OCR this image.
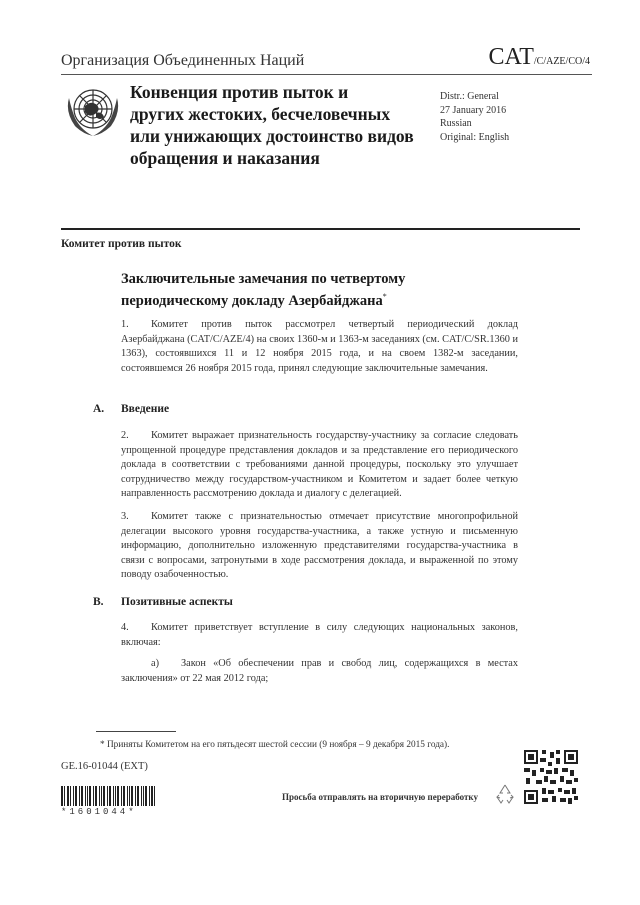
Организация Объединенных Наций	CAT/C/AZE/CO/4
Конвенция против пыток и
других жестоких, бесчеловечных
или унижающих достоинство видов
обращения и наказания
Distr.: General
27 January 2016
Russian
Original: English
Комитет против пыток
Заключительные замечания по четвертому
периодическому докладу Азербайджана*
1. Комитет против пыток рассмотрел четвертый периодический доклад Азербайджана (CAT/C/AZE/4) на своих 1360-м и 1363-м заседаниях (см. CAT/C/SR.1360 и 1363), состоявшихся 11 и 12 ноября 2015 года, и на своем 1382-м заседании, состоявшемся 26 ноября 2015 года, принял следующие заключительные замечания.
A. Введение
2. Комитет выражает признательность государству-участнику за согласие следовать упрощенной процедуре представления докладов и за представление его периодического доклада в соответствии с требованиями данной процедуры, поскольку это улучшает сотрудничество между государством-участником и Комитетом и задает более четкую направленность рассмотрению доклада и диалогу с делегацией.
3. Комитет также с признательностью отмечает присутствие многопрофильной делегации высокого уровня государства-участника, а также устную и письменную информацию, дополнительно изложенную представителями государства-участника в связи с вопросами, затронутыми в ходе рассмотрения доклада, и выраженной по этому поводу озабоченностью.
B. Позитивные аспекты
4. Комитет приветствует вступление в силу следующих национальных законов, включая:
a) Закон «Об обеспечении прав и свобод лиц, содержащихся в местах заключения» от 22 мая 2012 года;
* Приняты Комитетом на его пятьдесят шестой сессии (9 ноября – 9 декабря 2015 года).
GE.16-01044 (EXT)
*1601044*
Просьба отправлять на вторичную переработку
